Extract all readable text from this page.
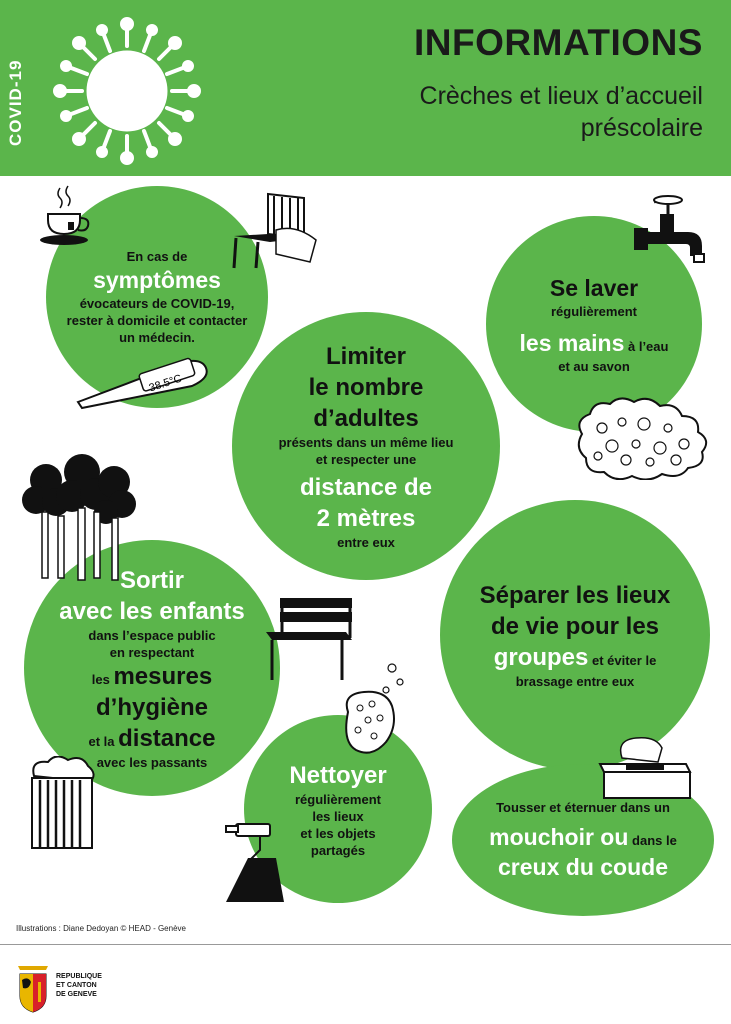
COVID-19
INFORMATIONS
Crèches et lieux d’accueil
préscolaire
En cas de
symptômes
évocateurs de COVID-19,
rester à domicile et contacter
un médecin.
Se laver
régulièrement
les mains à l’eau
et au savon
Limiter
le nombre
d’adultes
présents dans un même lieu
et respecter une
distance de
2 mètres
entre eux
Sortir
avec les enfants
dans l’espace public
en respectant
les mesures
d’hygiène
et la distance
avec les passants
Séparer les lieux
de vie pour les
groupes et éviter le
brassage entre eux
Nettoyer
régulièrement
les lieux
et les objets
partagés
Tousser et éternuer dans un
mouchoir ou dans le
creux du coude
38.5°C
Illustrations : Diane Dedoyan © HEAD - Genève
REPUBLIQUE
ET CANTON
DE GENEVE
